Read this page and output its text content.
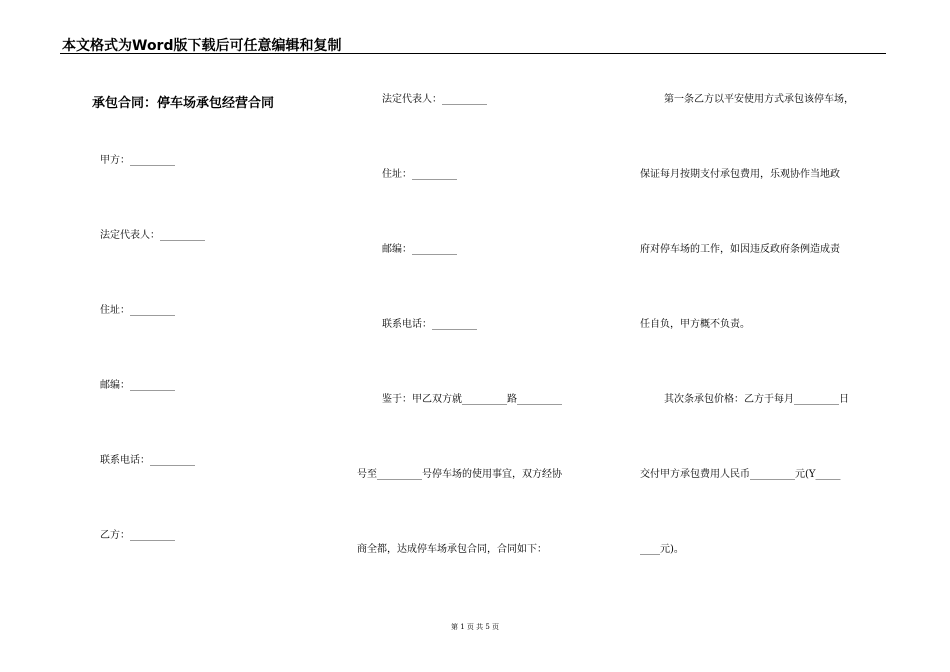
本文格式为Word版下载后可任意编辑和复制
承包合同：停车场承包经营合同
甲方：_________
法定代表人：_________
住址：_________
邮编：_________
联系电话：_________
乙方：_________
法定代表人：_________
住址：_________
邮编：_________
联系电话：_________
鉴于：甲乙双方就_________路_________
号至_________号停车场的使用事宜，双方经协
商全都，达成停车场承包合同，合同如下：
第一条乙方以平安使用方式承包该停车场，
保证每月按期支付承包费用，乐观协作当地政
府对停车场的工作，如因违反政府条例造成责
任自负，甲方概不负责。
其次条承包价格：乙方于每月_________日
交付甲方承包费用人民币_________元(Y_____
____元)。
第 1 页 共 5 页
